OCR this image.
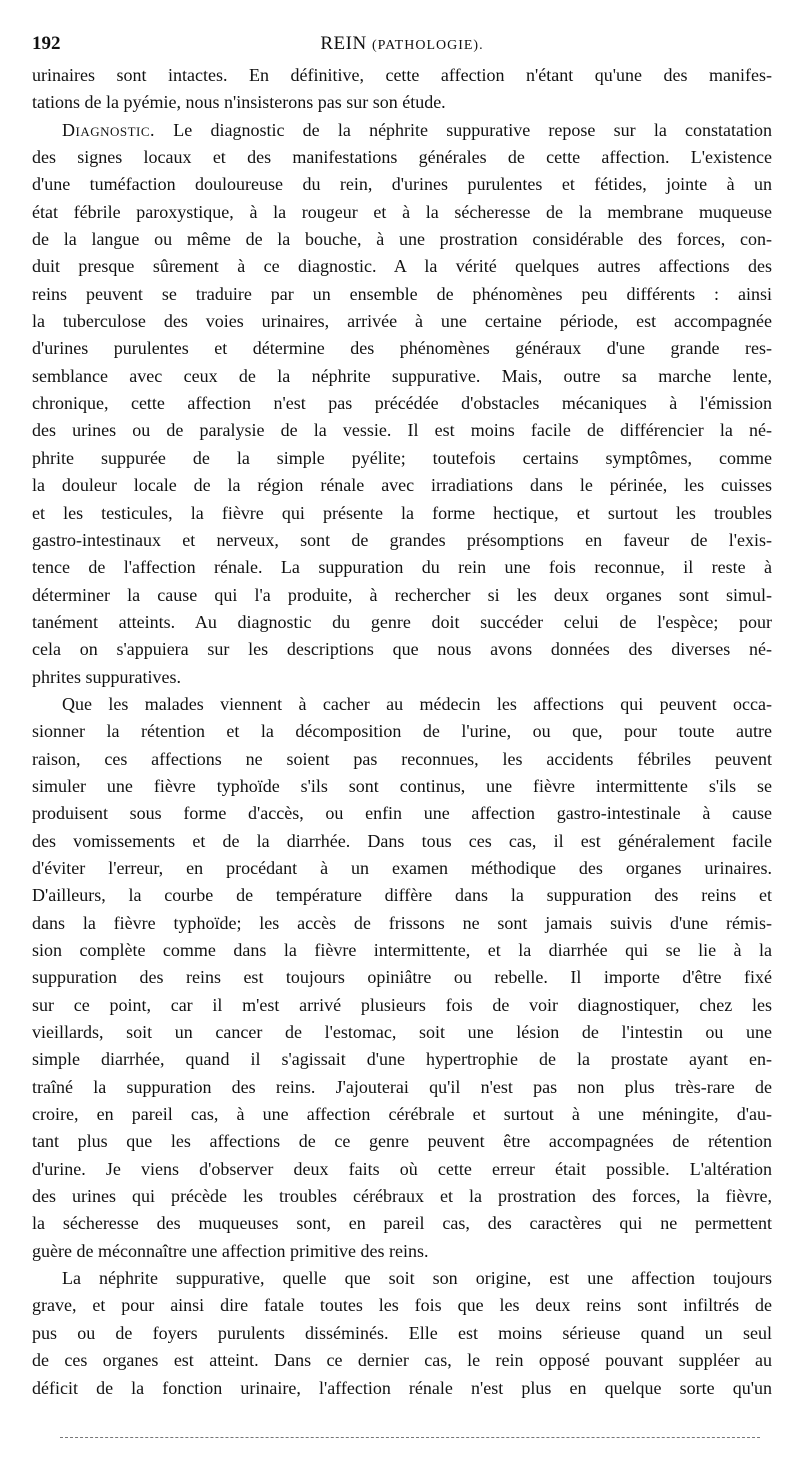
192	REIN (PATHOLOGIE).
urinaires sont intactes. En définitive, cette affection n'étant qu'une des manifes-
tations de la pyémie, nous n'insisterons pas sur son étude.
Diagnostic. Le diagnostic de la néphrite suppurative repose sur la constatation
des signes locaux et des manifestations générales de cette affection. L'existence
d'une tuméfaction douloureuse du rein, d'urines purulentes et fétides, jointe à un
état fébrile paroxystique, à la rougeur et à la sécheresse de la membrane muqueuse
de la langue ou même de la bouche, à une prostration considérable des forces, con-
duit presque sûrement à ce diagnostic. A la vérité quelques autres affections des
reins peuvent se traduire par un ensemble de phénomènes peu différents : ainsi
la tuberculose des voies urinaires, arrivée à une certaine période, est accompagnée
d'urines purulentes et détermine des phénomènes généraux d'une grande res-
semblance avec ceux de la néphrite suppurative. Mais, outre sa marche lente,
chronique, cette affection n'est pas précédée d'obstacles mécaniques à l'émission
des urines ou de paralysie de la vessie. Il est moins facile de différencier la né-
phrite suppurée de la simple pyélite; toutefois certains symptômes, comme
la douleur locale de la région rénale avec irradiations dans le périnée, les cuisses
et les testicules, la fièvre qui présente la forme hectique, et surtout les troubles
gastro-intestinaux et nerveux, sont de grandes présomptions en faveur de l'exis-
tence de l'affection rénale. La suppuration du rein une fois reconnue, il reste à
déterminer la cause qui l'a produite, à rechercher si les deux organes sont simul-
tanément atteints. Au diagnostic du genre doit succéder celui de l'espèce; pour
cela on s'appuiera sur les descriptions que nous avons données des diverses né-
phrites suppuratives.
Que les malades viennent à cacher au médecin les affections qui peuvent occa-
sionner la rétention et la décomposition de l'urine, ou que, pour toute autre
raison, ces affections ne soient pas reconnues, les accidents fébriles peuvent
simuler une fièvre typhoïde s'ils sont continus, une fièvre intermittente s'ils se
produisent sous forme d'accès, ou enfin une affection gastro-intestinale à cause
des vomissements et de la diarrhée. Dans tous ces cas, il est généralement facile
d'éviter l'erreur, en procédant à un examen méthodique des organes urinaires.
D'ailleurs, la courbe de température diffère dans la suppuration des reins et
dans la fièvre typhoïde; les accès de frissons ne sont jamais suivis d'une rémis-
sion complète comme dans la fièvre intermittente, et la diarrhée qui se lie à la
suppuration des reins est toujours opiniâtre ou rebelle. Il importe d'être fixé
sur ce point, car il m'est arrivé plusieurs fois de voir diagnostiquer, chez les
vieillards, soit un cancer de l'estomac, soit une lésion de l'intestin ou une
simple diarrhée, quand il s'agissait d'une hypertrophie de la prostate ayant en-
traîné la suppuration des reins. J'ajouterai qu'il n'est pas non plus très-rare de
croire, en pareil cas, à une affection cérébrale et surtout à une méningite, d'au-
tant plus que les affections de ce genre peuvent être accompagnées de rétention
d'urine. Je viens d'observer deux faits où cette erreur était possible. L'altération
des urines qui précède les troubles cérébraux et la prostration des forces, la fièvre,
la sécheresse des muqueuses sont, en pareil cas, des caractères qui ne permettent
guère de méconnaître une affection primitive des reins.
La néphrite suppurative, quelle que soit son origine, est une affection toujours
grave, et pour ainsi dire fatale toutes les fois que les deux reins sont infiltrés de
pus ou de foyers purulents disséminés. Elle est moins sérieuse quand un seul
de ces organes est atteint. Dans ce dernier cas, le rein opposé pouvant suppléer au
déficit de la fonction urinaire, l'affection rénale n'est plus en quelque sorte qu'un
